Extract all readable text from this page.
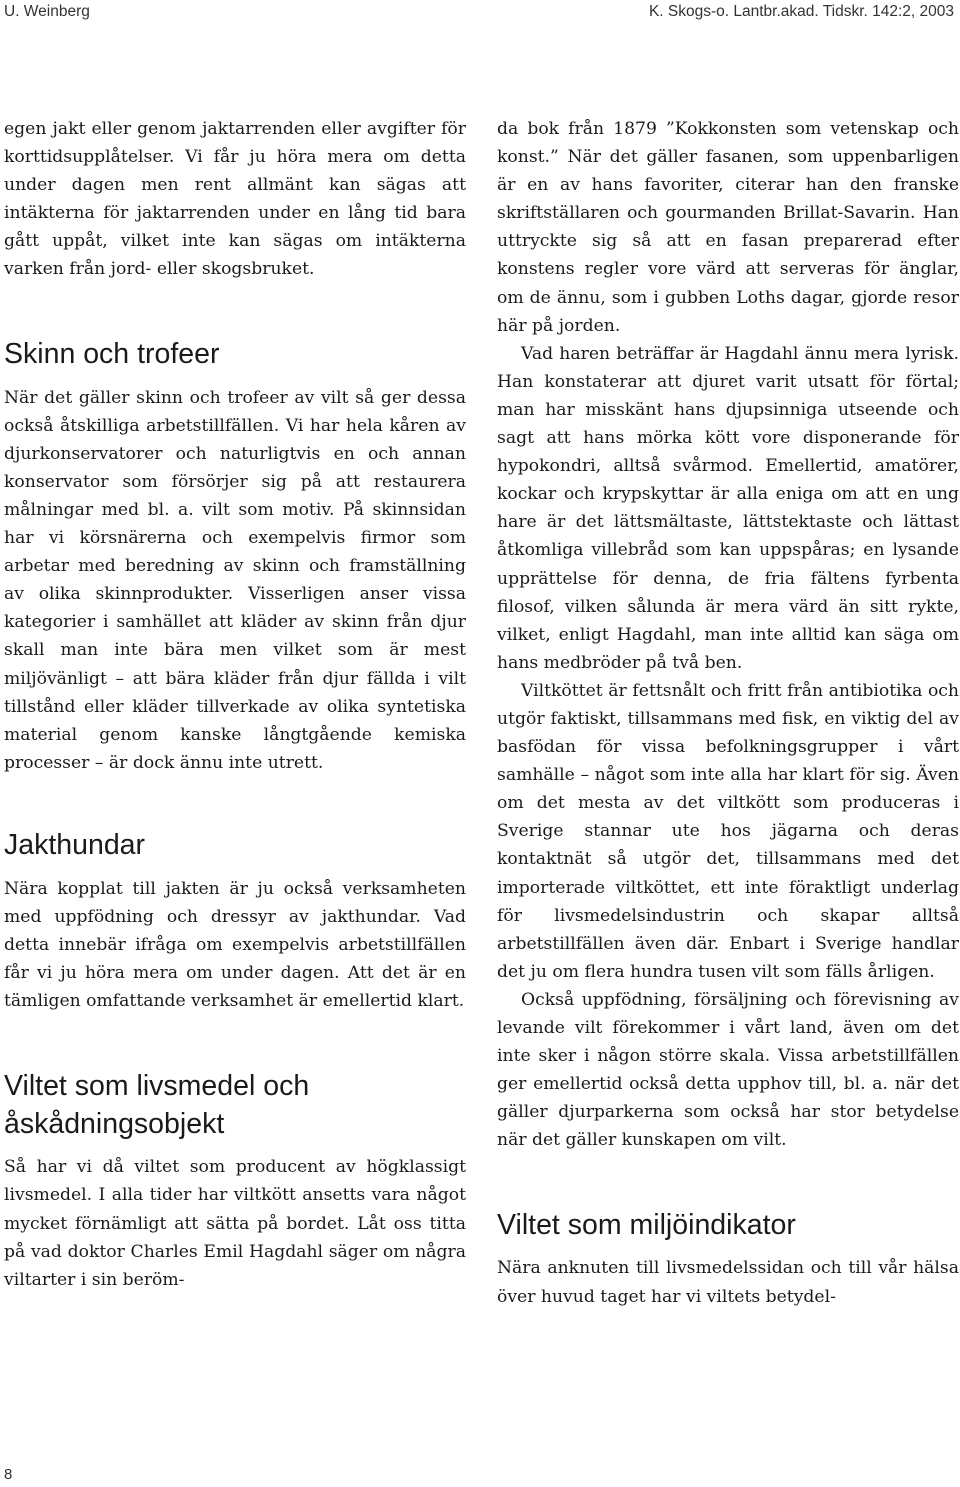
U. Weinberg	K. Skogs-o. Lantbr.akad. Tidskr. 142:2, 2003

egen jakt eller genom jaktarrenden eller avgifter för korttidsupplåtelser. Vi får ju höra mera om detta under dagen men rent allmänt kan sägas att intäkterna för jaktarrenden under en lång tid bara gått uppåt, vilket inte kan sägas om intäkterna varken från jord- eller skogsbruket.

Skinn och trofeer

När det gäller skinn och trofeer av vilt så ger dessa också åtskilliga arbetstillfällen. Vi har hela kåren av djurkonservatorer och naturligtvis en och annan konservator som försörjer sig på att restaurera målningar med bl. a. vilt som motiv. På skinnsidan har vi körsnärerna och exempelvis firmor som arbetar med beredning av skinn och framställning av olika skinnprodukter. Visserligen anser vissa kategorier i samhället att kläder av skinn från djur skall man inte bära men vilket som är mest miljövänligt – att bära kläder från djur fällda i vilt tillstånd eller kläder tillverkade av olika syntetiska material genom kanske långtgående kemiska processer – är dock ännu inte utrett.

Jakthundar

Nära kopplat till jakten är ju också verksamheten med uppfödning och dressyr av jakthundar. Vad detta innebär ifråga om exempelvis arbetstillfällen får vi ju höra mera om under dagen. Att det är en tämligen omfattande verksamhet är emellertid klart.

Viltet som livsmedel och åskådningsobjekt

Så har vi då viltet som producent av högklassigt livsmedel. I alla tider har viltkött ansetts vara något mycket förnämligt att sätta på bordet. Låt oss titta på vad doktor Charles Emil Hagdahl säger om några viltarter i sin beröm-

da bok från 1879 ”Kokkonsten som vetenskap och konst.” När det gäller fasanen, som uppenbarligen är en av hans favoriter, citerar han den franske skriftställaren och gourmanden Brillat-Savarin. Han uttryckte sig så att en fasan preparerad efter konstens regler vore värd att serveras för änglar, om de ännu, som i gubben Loths dagar, gjorde resor här på jorden.

Vad haren beträffar är Hagdahl ännu mera lyrisk. Han konstaterar att djuret varit utsatt för förtal; man har misskänt hans djupsinniga utseende och sagt att hans mörka kött vore disponerande för hypokondri, alltså svårmod. Emellertid, amatörer, kockar och krypskyttar är alla eniga om att en ung hare är det lättsmältaste, lättstektaste och lättast åtkomliga villebråd som kan uppspåras; en lysande upprättelse för denna, de fria fältens fyrbenta filosof, vilken sålunda är mera värd än sitt rykte, vilket, enligt Hagdahl, man inte alltid kan säga om hans medbröder på två ben.

Viltköttet är fettsnålt och fritt från antibiotika och utgör faktiskt, tillsammans med fisk, en viktig del av basfödan för vissa befolkningsgrupper i vårt samhälle – något som inte alla har klart för sig. Även om det mesta av det viltkött som produceras i Sverige stannar ute hos jägarna och deras kontaktnät så utgör det, tillsammans med det importerade viltköttet, ett inte föraktligt underlag för livsmedelsindustrin och skapar alltså arbetstillfällen även där. Enbart i Sverige handlar det ju om flera hundra tusen vilt som fälls årligen.

Också uppfödning, försäljning och förevisning av levande vilt förekommer i vårt land, även om det inte sker i någon större skala. Vissa arbetstillfällen ger emellertid också detta upphov till, bl. a. när det gäller djurparkerna som också har stor betydelse när det gäller kunskapen om vilt.

Viltet som miljöindikator

Nära anknuten till livsmedelssidan och till vår hälsa över huvud taget har vi viltets betydel-

8
